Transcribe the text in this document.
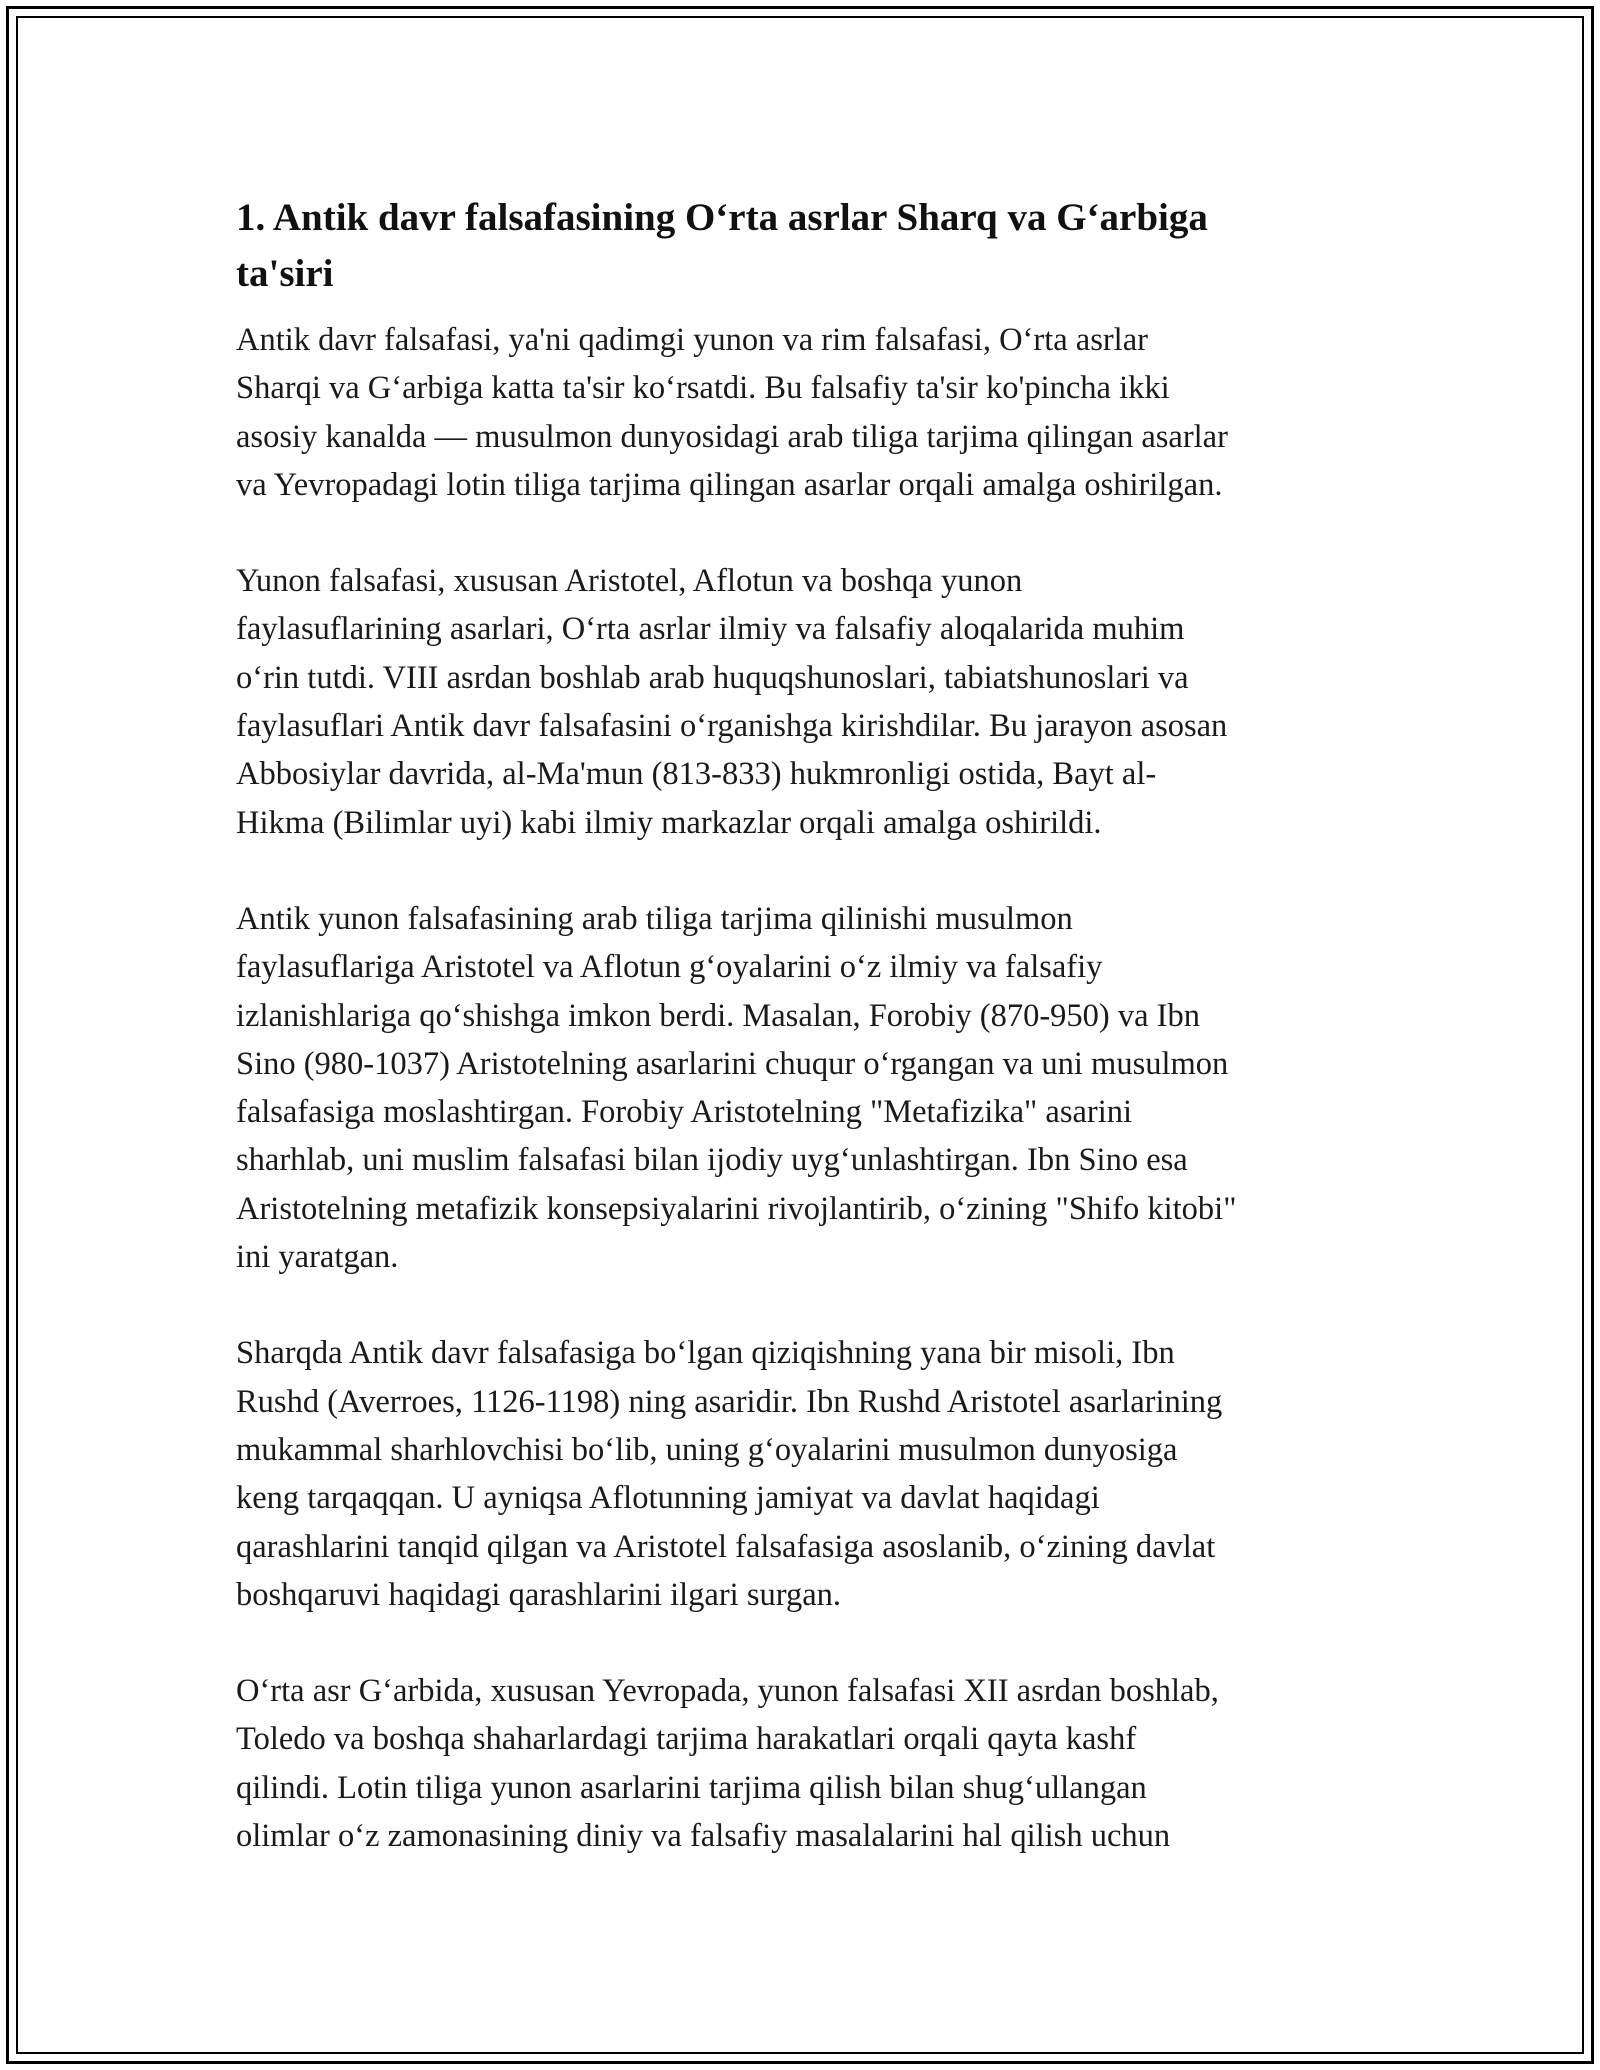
1. Antik davr falsafasining O‘rta asrlar Sharq va G‘arbiga
ta'siri
Antik davr falsafasi, ya'ni qadimgi yunon va rim falsafasi, O‘rta asrlar
Sharqi va G‘arbiga katta ta'sir ko‘rsatdi. Bu falsafiy ta'sir ko'pincha ikki
asosiy kanalda — musulmon dunyosidagi arab tiliga tarjima qilingan asarlar
va Yevropadagi lotin tiliga tarjima qilingan asarlar orqali amalga oshirilgan.
Yunon falsafasi, xususan Aristotel, Aflotun va boshqa yunon
faylasuflarining asarlari, O‘rta asrlar ilmiy va falsafiy aloqalarida muhim
o‘rin tutdi. VIII asrdan boshlab arab huquqshunoslari, tabiatshunoslari va
faylasuflari Antik davr falsafasini o‘rganishga kirishdilar. Bu jarayon asosan
Abbosiylar davrida, al-Ma'mun (813-833) hukmronligi ostida, Bayt al-
Hikma (Bilimlar uyi) kabi ilmiy markazlar orqali amalga oshirildi.
Antik yunon falsafasining arab tiliga tarjima qilinishi musulmon
faylasuflariga Aristotel va Aflotun g‘oyalarini o‘z ilmiy va falsafiy
izlanishlariga qo‘shishga imkon berdi. Masalan, Forobiy (870-950) va Ibn
Sino (980-1037) Aristotelning asarlarini chuqur o‘rgangan va uni musulmon
falsafasiga moslashtirgan. Forobiy Aristotelning "Metafizika" asarini
sharhlab, uni muslim falsafasi bilan ijodiy uyg‘unlashtirgan. Ibn Sino esa
Aristotelning metafizik konsepsiyalarini rivojlantirib, o‘zining "Shifo kitobi"
ini yaratgan.
Sharqda Antik davr falsafasiga bo‘lgan qiziqishning yana bir misoli, Ibn
Rushd (Averroes, 1126-1198) ning asaridir. Ibn Rushd Aristotel asarlarining
mukammal sharhlovchisi bo‘lib, uning g‘oyalarini musulmon dunyosiga
keng tarqaqqan. U ayniqsa Aflotunning jamiyat va davlat haqidagi
qarashlarini tanqid qilgan va Aristotel falsafasiga asoslanib, o‘zining davlat
boshqaruvi haqidagi qarashlarini ilgari surgan.
O‘rta asr G‘arbida, xususan Yevropada, yunon falsafasi XII asrdan boshlab,
Toledo va boshqa shaharlardagi tarjima harakatlari orqali qayta kashf
qilindi. Lotin tiliga yunon asarlarini tarjima qilish bilan shug‘ullangan
olimlar o‘z zamonasining diniy va falsafiy masalalarini hal qilish uchun
